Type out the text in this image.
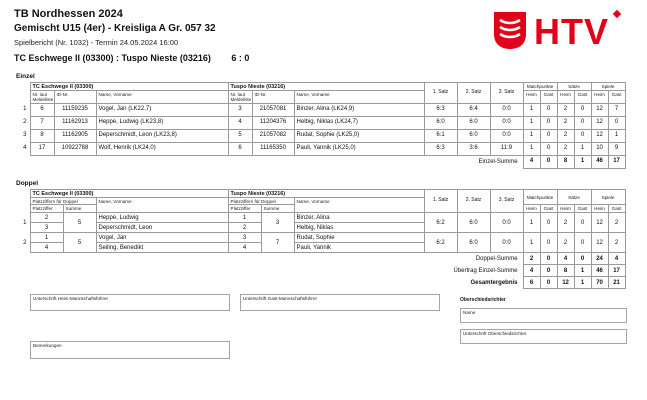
TB Nordhessen 2024
Gemischt U15 (4er) - Kreisliga A Gr. 057 32
Spielbericht (Nr. 1032) - Termin 24.05.2024 16:00
TC Eschwege II (03300) : Tuspo Nieste (03216) 6 : 0
HTV
Einzel
	TC Eschwege II (03300)			Tuspo Nieste (03216)			1. Satz	2. Satz	3. Satz	Matchpunkte		Sätze		Spiele	
	Nr. laut Meldeliste	ID-Nr.	Name, Vorname	Nr. laut Meldeliste	ID-Nr.	Name, Vorname				Heim	Gast	Heim	Gast	Heim	Gast
1	6	11159235	Vogel, Jan (LK22,7)	3	21057081	Binzer, Alina (LK24,9)	6:3	6:4	0:0	1	0	2	0	12	7
2	7	11162913	Heppe, Ludwig (LK23,8)	4	11204376	Helbig, Niklas (LK24,7)	6:0	6:0	0:0	1	0	2	0	12	0
3	8	11162905	Deperschmidt, Leon (LK23,8)	5	21057082	Rudat, Sophie (LK25,0)	6:1	6:0	0:0	1	0	2	0	12	1
4	17	10922788	Wolf, Henrik (LK24,0)	6	11165350	Pauli, Yannik (LK25,0)	6:3	3:6	11:9	1	0	2	1	10	9
Einzel-Summe										4	0	8	1	46	17
Doppel
	TC Eschwege II (03300)			Tuspo Nieste (03216)			1. Satz	2. Satz	3. Satz	Matchpunkte		Sätze		Spiele	
	Platzziffern für Doppel		Name, Vorname	Platzziffern für Doppel		Name, Vorname									
	Platzziffer	Summe		Platzziffer	Summe					Heim	Gast	Heim	Gast	Heim	Gast
1	2	5	Heppe, Ludwig	1	3	Binzer, Alina	6:2	6:0	0:0	1	0	2	0	12	2
	3		Deperschmidt, Leon	2		Helbig, Niklas									
2	1	5	Vogel, Jan	3	7	Rudat, Sophie	6:2	6:0	0:0	1	0	2	0	12	2
	4		Seiling, Benedikt	4		Pauli, Yannik									
Doppel-Summe										2	0	4	0	24	4
Übertrag Einzel-Summe										4	0	8	1	46	17
Gesamtergebnis										6	0	12	1	70	21
Unterschrift Heim-Mannschaftsführer	Unterschrift Gast-Mannschaftsführer	Oberschiedsrichter
Name
Unterschrift Oberschiedsrichter
Bemerkungen
